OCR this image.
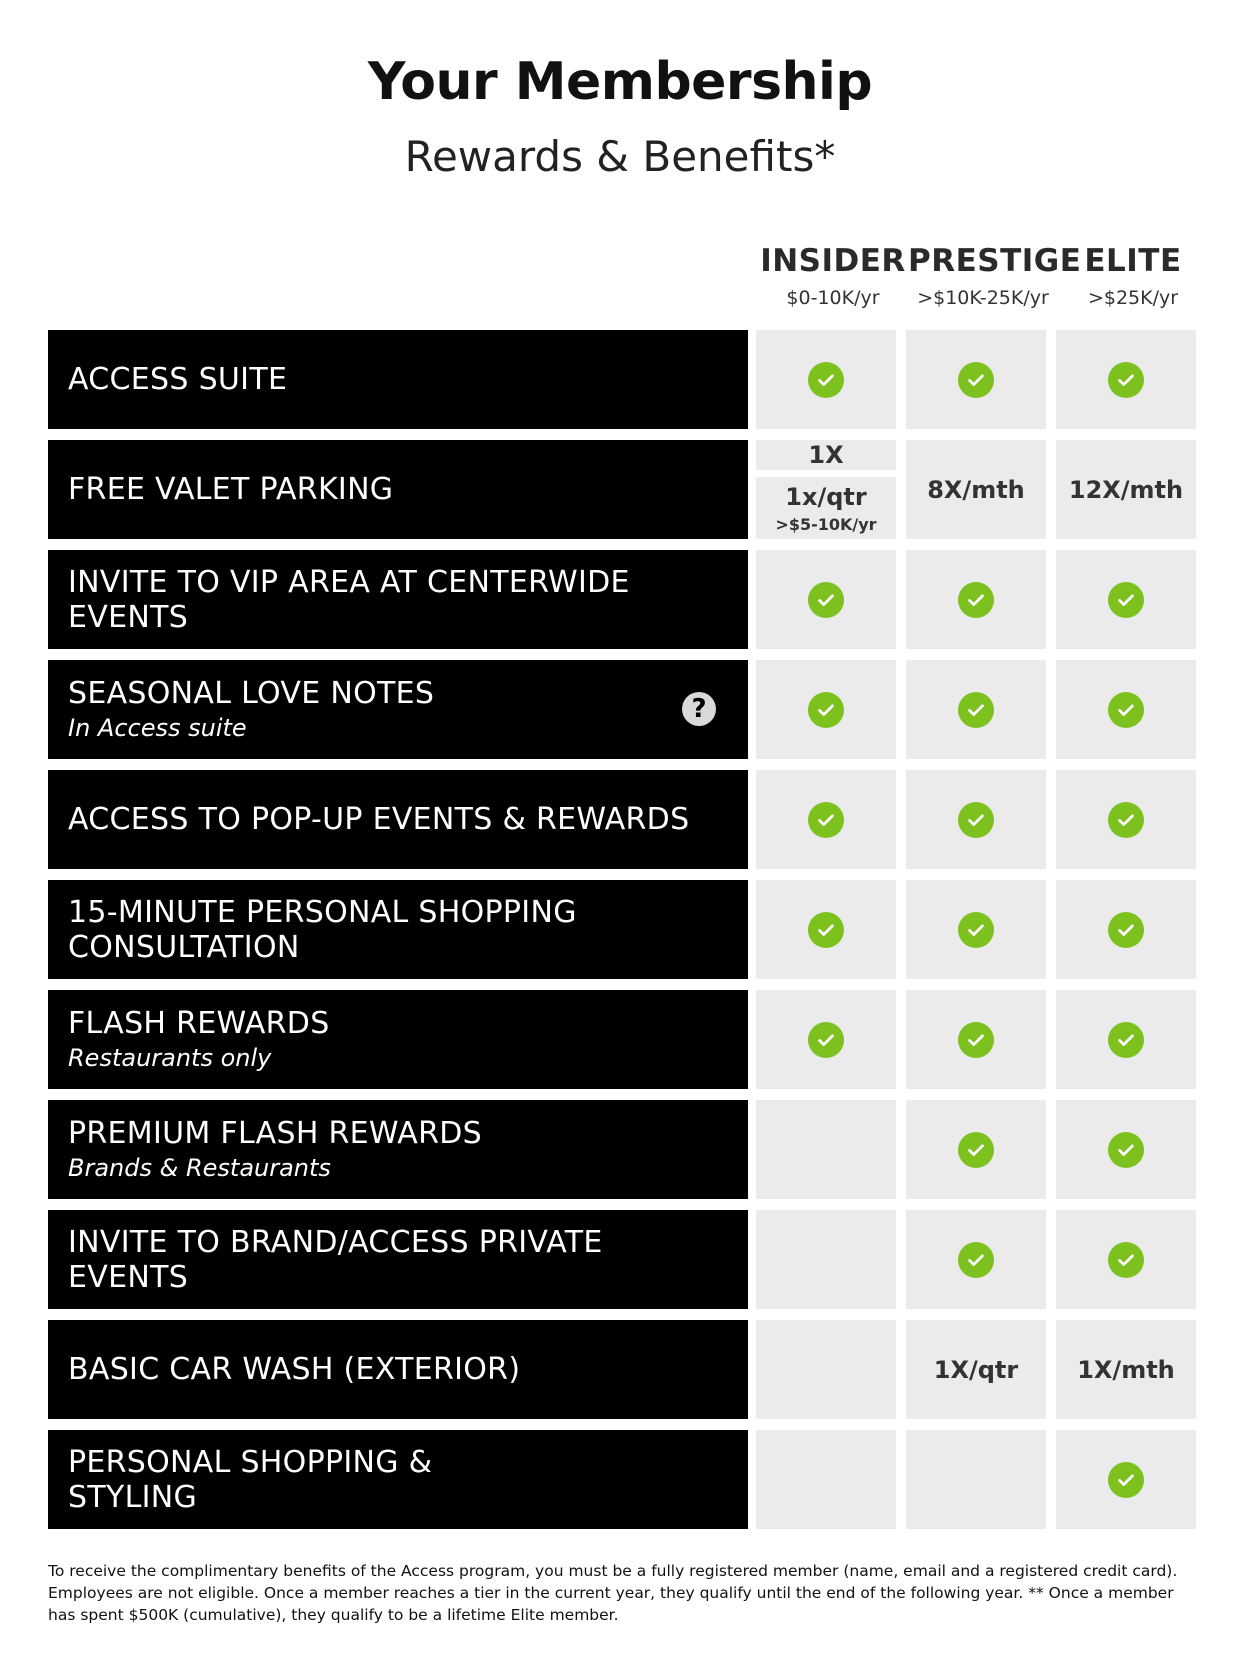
Your Membership
Rewards & Benefits*
INSIDER
$0-10K/yr
PRESTIGE
>$10K-25K/yr
ELITE
>$25K/yr
ACCESS SUITE
FREE VALET PARKING
1X
1x/qtr
>$5-10K/yr
8X/mth 12X/mth
INVITE TO VIP AREA AT CENTERWIDE EVENTS
SEASONAL LOVE NOTES
In Access suite
?
ACCESS TO POP-UP EVENTS & REWARDS
15-MINUTE PERSONAL SHOPPING
CONSULTATION
FLASH REWARDS
Restaurants only
PREMIUM FLASH REWARDS
Brands & Restaurants
INVITE TO BRAND/ACCESS PRIVATE EVENTS
BASIC CAR WASH (EXTERIOR)	1X/qtr 1X/mth
PERSONAL SHOPPING &
STYLING
To receive the complimentary benefits of the Access program, you must be a fully registered member (name, email and a registered credit card). Employees are not eligible. Once a member reaches a tier in the current year, they qualify until the end of the following year. ** Once a member has spent $500K (cumulative), they qualify to be a lifetime Elite member.
